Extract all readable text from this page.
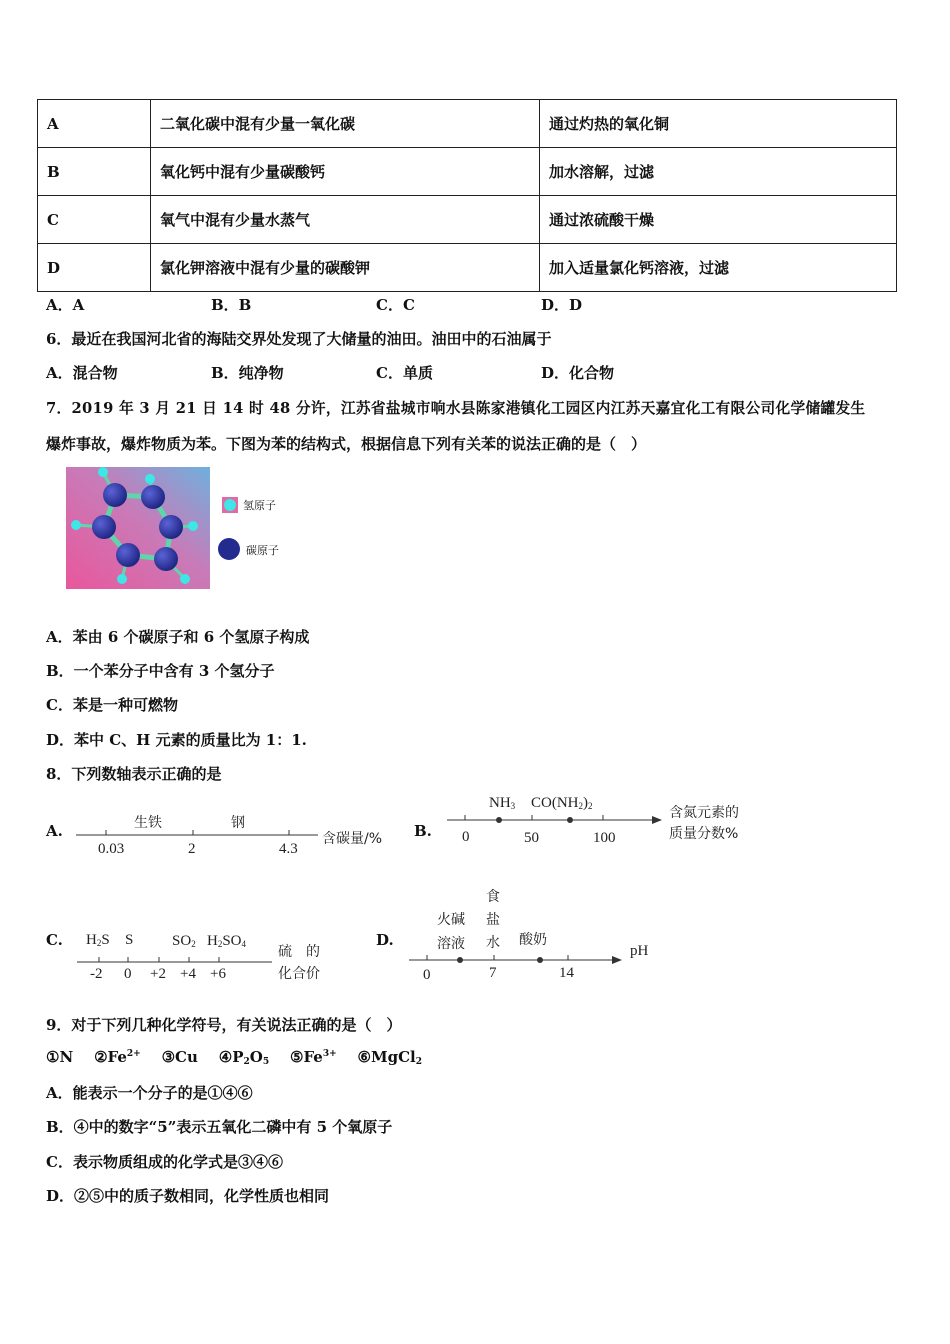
A	二氧化碳中混有少量一氧化碳	通过灼热的氧化铜
B	氧化钙中混有少量碳酸钙	加水溶解，过滤
C	氧气中混有少量水蒸气	通过浓硫酸干燥
D	氯化钾溶液中混有少量的碳酸钾	加入适量氯化钙溶液，过滤
A．A	B．B	C．C	D．D
6．最近在我国河北省的海陆交界处发现了大储量的油田。油田中的石油属于
A．混合物	B．纯净物	C．单质	D．化合物
7．2019 年 3 月 21 日 14 时 48 分许，江苏省盐城市响水县陈家港镇化工园区内江苏天嘉宜化工有限公司化学储罐发生
爆炸事故，爆炸物质为苯。下图为苯的结构式，根据信息下列有关苯的说法正确的是（　）
氢原子
碳原子
A．苯由 6 个碳原子和 6 个氢原子构成
B．一个苯分子中含有 3 个氢分子
C．苯是一种可燃物
D．苯中 C、H 元素的质量比为 1：1.
8．下列数轴表示正确的是
A.	生铁	钢
0.03	2	4.3
含碳量/% B.
$NH_3$ $CO(NH_2)_2$
0	50	100
含氮元素的
质量分数%
C. $H_2S$ S	$SO_2$ $H_2SO_4$
-2 0 +2 +4 +6
硫　的
化合价
D.
火碱
溶液
食
盐
水 酸奶
0	7	14
pH
9．对于下列几种化学符号，有关说法正确的是（　）
①N $②Fe^{2+}$ ③Cu $④P_2O_5$ $⑤Fe^{3+}$ ⑥MgCl$_2$
A．能表示一个分子的是①④⑥
B．④中的数字“5”表示五氧化二磷中有 5 个氧原子
C．表示物质组成的化学式是③④⑥
D．②⑤中的质子数相同，化学性质也相同
